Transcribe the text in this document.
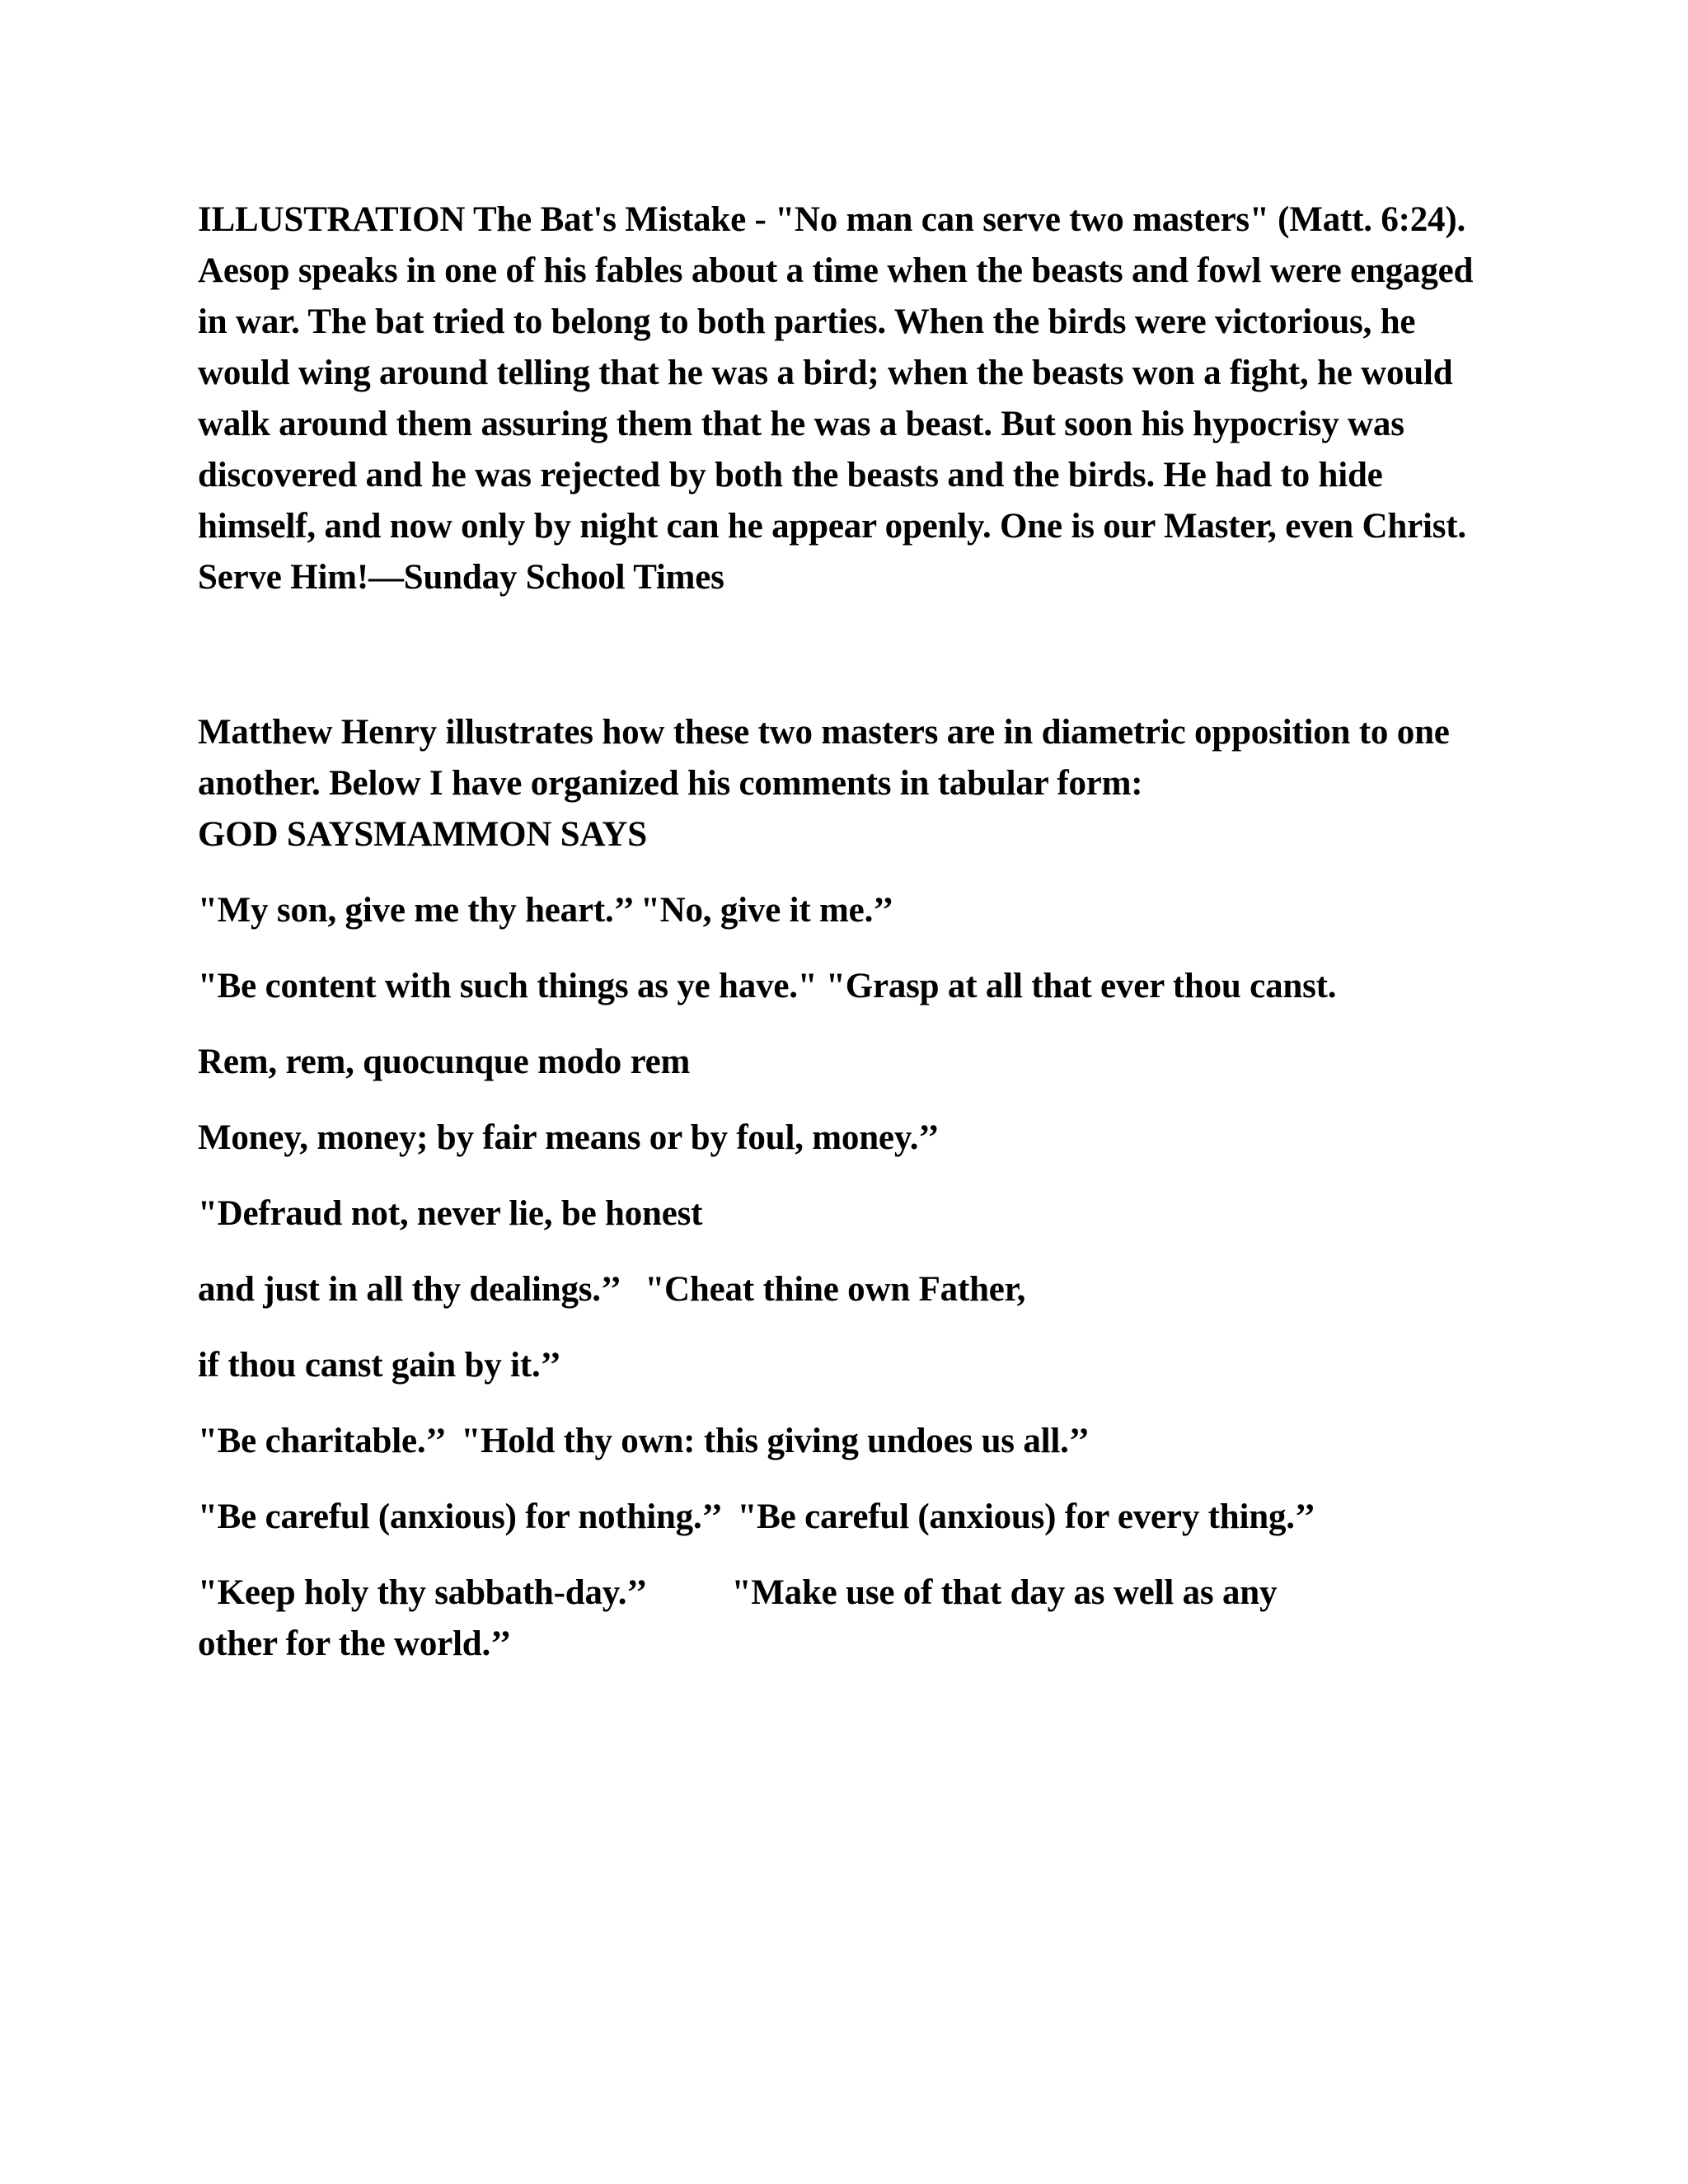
ILLUSTRATION The Bat's Mistake - "No man can serve two masters" (Matt. 6:24). Aesop speaks in one of his fables about a time when the beasts and fowl were engaged in war. The bat tried to belong to both parties. When the birds were victorious, he would wing around telling that he was a bird; when the beasts won a fight, he would walk around them assuring them that he was a beast. But soon his hypocrisy was discovered and he was rejected by both the beasts and the birds. He had to hide himself, and now only by night can he appear openly. One is our Master, even Christ. Serve Him!—Sunday School Times

Matthew Henry illustrates how these two masters are in diametric opposition to one another. Below I have organized his comments in tabular form:

GOD SAYSMAMMON SAYS

"My son, give me thy heart.’’ "No, give it me.’’

"Be content with such things as ye have." "Grasp at all that ever thou canst.

Rem, rem, quocunque modo rem

Money, money; by fair means or by foul, money.’’

"Defraud not, never lie, be honest

and just in all thy dealings.’’   "Cheat thine own Father,

if thou canst gain by it.’’

"Be charitable.’’  "Hold thy own: this giving undoes us all.’’

"Be careful (anxious) for nothing.’’  "Be careful (anxious) for every thing.’’

"Keep holy thy sabbath-day.’’          "Make use of that day as well as any

other for the world.’’
